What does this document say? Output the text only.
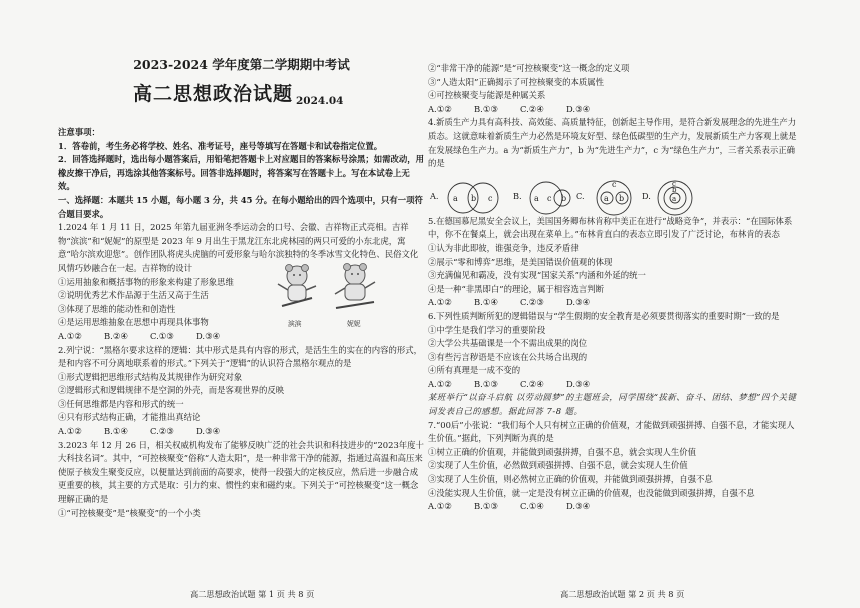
2023-2024 学年度第二学期期中考试
高二思想政治试题 2024.04

注意事项：

1．答卷前，考生务必将学校、姓名、准考证号，座号等填写在答题卡和试卷指定位置。

2．回答选择题时，选出每小题答案后，用铅笔把答题卡上对应题目的答案标号涂黑；如需改动，用橡皮擦干净后，再选涂其他答案标号。回答非选择题时，将答案写在答题卡上。写在本试卷上无效。

一、选择题：本题共 15 小题，每小题 3 分，共 45 分。在每小题给出的四个选项中，只有一项符合题目要求。

1.2024 年 1 月 11 日，2025 年第九届亚洲冬季运动会的口号、会徽、吉祥物正式亮相。吉祥物“滨滨”和“妮妮”的原型是 2023 年 9 月出生于黑龙江东北虎林园的两只可爱的小东北虎，寓意“哈尔滨欢迎您”。创作团队将虎头虎脑的可爱形象与哈尔滨独特的冬季冰雪文化特色、民俗文化风情巧妙融合在一起。吉祥物的设计

①运用抽象和概括事物的形象来构建了形象思维

②说明优秀艺术作品源于生活又高于生活

③体现了思维的能动性和创造性

④是运用思维抽象在思想中再现具体事物

A.①②	B.②④	C.①③	D.③④

2.列宁说：“黑格尔要求这样的逻辑：其中形式是具有内容的形式，是活生生的实在的内容的形式，是和内容不可分离地联系着的形式。”下列关于“逻辑”的认识符合黑格尔观点的是

①形式逻辑把思维形式结构及其规律作为研究对象

②逻辑形式和逻辑规律不是空洞的外壳，而是客观世界的反映

③任何思维都是内容和形式的统一

④只有形式结构正确，才能推出真结论

A.①②	B.①④	C.②③	D.③④

3.2023 年 12 月 26 日，相关权威机构发布了能够反映广泛的社会共识和科技进步的“2023年度十大科技名词”。其中，“可控核聚变”俗称“人造太阳”，是一种非常干净的能源，指通过高温和高压来使原子核发生聚变反应，以便量达到前面的高要求，使得一段强大的定核反应，然后进一步融合成更重要的核，其主要的方式是取：引力约束、惯性约束和磁约束。下列关于“可控核聚变”这一概念理解正确的是

①“可控核聚变”是“核聚变”的一个小类

滨滨	妮妮

②“非常干净的能源”是“可控核聚变”这一概念的定义项

③“人造太阳”正确揭示了可控核聚变的本质属性

④可控核聚变与能源是种属关系

A.①②	B.①③	C.②④	D.③④

4.新质生产力具有高科技、高效能、高质量特征，创新起主导作用，是符合新发展理念的先进生产力质态。这就意味着新质生产力必然是环境友好型、绿色低碳型的生产力，发展新质生产力客观上就是在发展绿色生产力。a 为“新质生产力”，b 为“先进生产力”，c 为“绿色生产力”，三者关系表示正确的是

5.在德国慕尼黑安全会议上，美国国务卿布林肯称中美正在进行“战略竞争”，并表示：“在国际体系中，你不在餐桌上，就会出现在菜单上。”布林肯直白的表态立即引发了广泛讨论，布林肯的表态

①认为非此即彼，谁强竞争，违反矛盾律

②展示“零和博弈”思维，是美国错误价值观的体现

③充满偏见和霸凌，没有实现“国家关系”内涵和外延的统一

④是一种“非黑即白”的理论，属于相容选言判断

A.①②	B.①④	C.②③	D.③④

6.下列性质判断所犯的逻辑错误与“学生假期的安全教育是必须要贯彻落实的重要时期”一致的是

①中学生是我们学习的重要阶段

②大学公共基础课是一个不需出成果的岗位

③有些污言秽语是不应该在公共场合出现的

④所有真理是一成不变的

A.①②	B.①③	C.②④	D.③④

某班举行“以奋斗启航 以劳动圆梦”的主题班会，同学围绕“拔新、奋斗、团结、梦想”四个关键词发表自己的感想。据此回答 7-8 题。

7.“00后”小张说：“我们每个人只有树立正确的价值观，才能做到顽强拼搏、自强不息，才能实现人生价值。”据此，下列判断为真的是

①树立正确的价值观，并能做到顽强拼搏，自强不息，就会实现人生价值

②实现了人生价值，必然做到顽强拼搏、自强不息，就会实现人生价值

③实现了人生价值，则必然树立正确的价值观，并能做到顽强拼搏，自强不息

④没能实现人生价值，就一定是没有树立正确的价值观，也没能做到顽强拼搏，自强不息

A.①②	B.①③	C.①④	D.③④
A. a b c	B. a c b C. a b
c
D.	a
b
c
高二思想政治试题 第 1 页 共 8 页	高二思想政治试题 第 2 页 共 8 页
